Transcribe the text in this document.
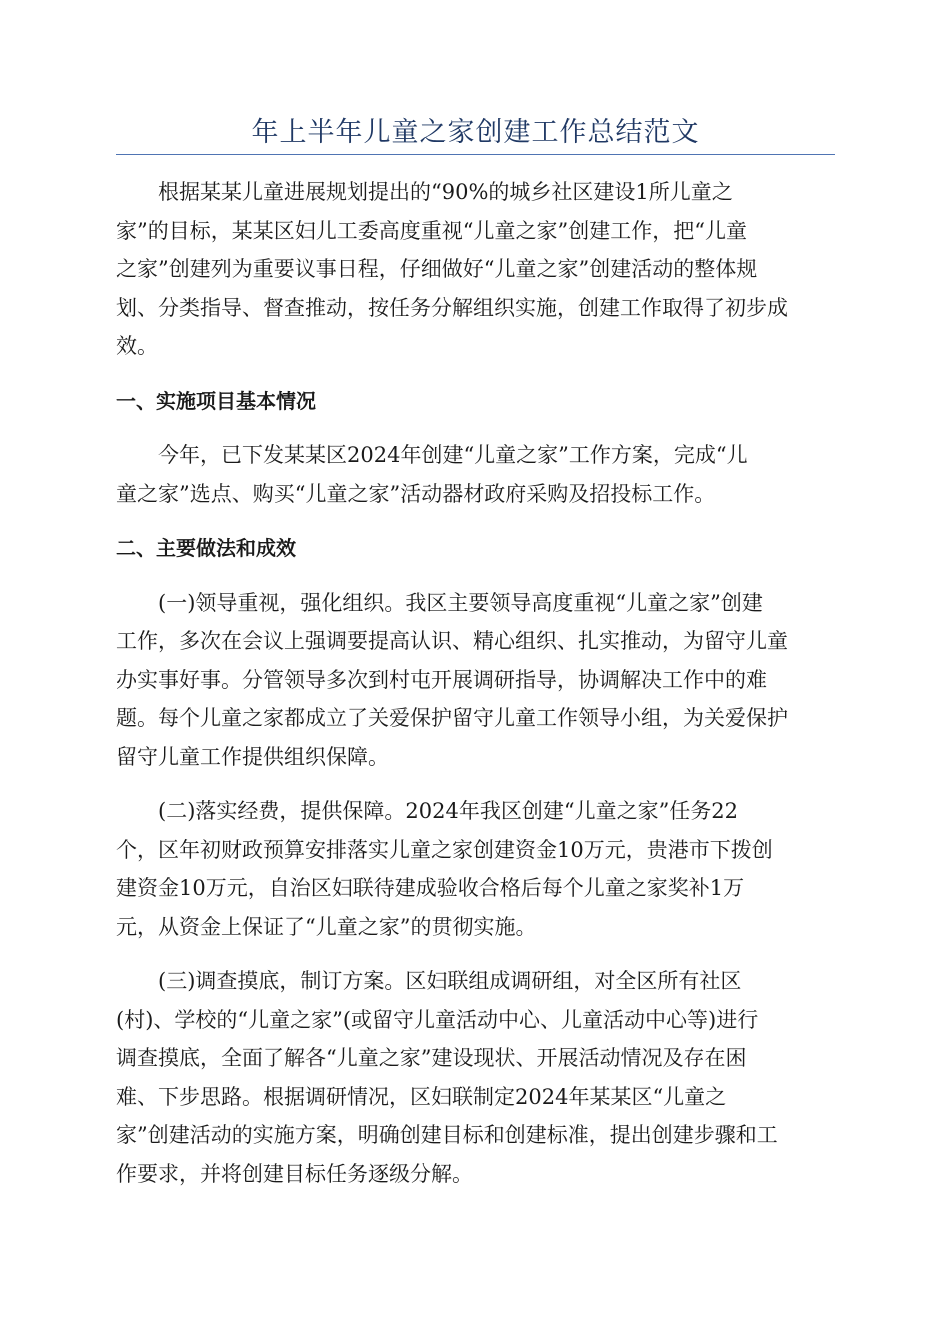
年上半年儿童之家创建工作总结范文

根据某某儿童进展规划提出的“90%的城乡社区建设1所儿童之
家”的目标，某某区妇儿工委高度重视“儿童之家”创建工作，把“儿童
之家”创建列为重要议事日程，仔细做好“儿童之家”创建活动的整体规
划、分类指导、督查推动，按任务分解组织实施，创建工作取得了初步成
效。

一、实施项目基本情况

今年，已下发某某区2024年创建“儿童之家”工作方案，完成“儿
童之家”选点、购买“儿童之家”活动器材政府采购及招投标工作。

二、主要做法和成效

(一)领导重视，强化组织。我区主要领导高度重视“儿童之家”创建
工作，多次在会议上强调要提高认识、精心组织、扎实推动，为留守儿童
办实事好事。分管领导多次到村屯开展调研指导，协调解决工作中的难
题。每个儿童之家都成立了关爱保护留守儿童工作领导小组，为关爱保护
留守儿童工作提供组织保障。

(二)落实经费，提供保障。2024年我区创建“儿童之家”任务22
个，区年初财政预算安排落实儿童之家创建资金10万元，贵港市下拨创
建资金10万元，自治区妇联待建成验收合格后每个儿童之家奖补1万
元，从资金上保证了“儿童之家”的贯彻实施。

(三)调查摸底，制订方案。区妇联组成调研组，对全区所有社区
(村)、学校的“儿童之家”(或留守儿童活动中心、儿童活动中心等)进行
调查摸底，全面了解各“儿童之家”建设现状、开展活动情况及存在困
难、下步思路。根据调研情况，区妇联制定2024年某某区“儿童之
家”创建活动的实施方案，明确创建目标和创建标准，提出创建步骤和工
作要求，并将创建目标任务逐级分解。
